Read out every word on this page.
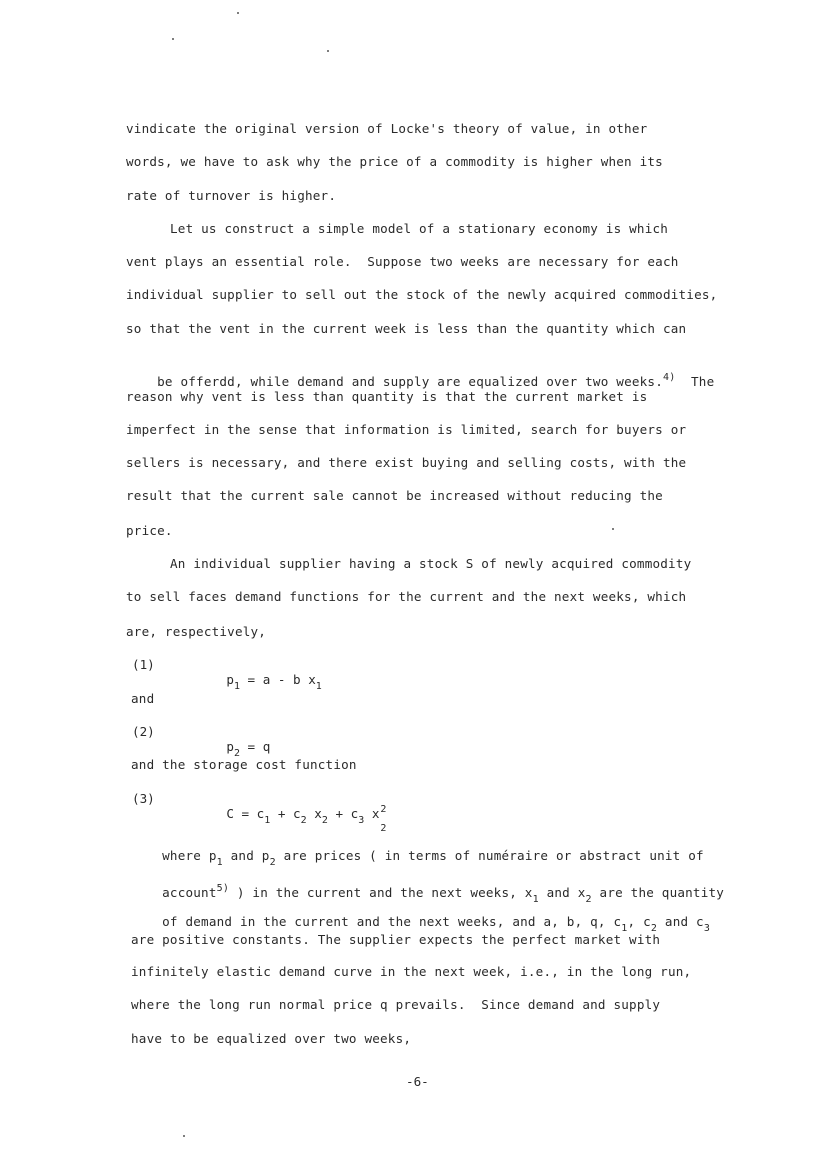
vindicate the original version of Locke's theory of value, in other
words, we have to ask why the price of a commodity is higher when its
rate of turnover is higher.
Let us construct a simple model of a stationary economy is which
vent plays an essential role.  Suppose two weeks are necessary for each
individual supplier to sell out the stock of the newly acquired commodities,
so that the vent in the current week is less than the quantity which can

be offerdd, while demand and supply are equalized over two weeks.$^{4)}$ The

reason why vent is less than quantity is that the current market is
imperfect in the sense that information is limited, search for buyers or
sellers is necessary, and there exist buying and selling costs, with the
result that the current sale cannot be increased without reducing the
price.
An individual supplier having a stock S of newly acquired commodity
to sell faces demand functions for the current and the next weeks, which
are, respectively,
(1)

$p_1 = a - b$ $x_1$

and
(2)

$p_2 = q$

and the storage cost function
(3)

$C = c_1 + c_2$ $x_2 + c_3$ x 2
2

where $p_1$ and $p_2$ are prices ( in terms of numéraire or abstract unit of

account$^{5)}$ ) in the current and the next weeks, $x_1$ and $x_2$ are the quantity

of demand in the current and the next weeks, and a, b, q, $c_1$, $c_2$ and $c_3$

are positive constants. The supplier expects the perfect market with
infinitely elastic demand curve in the next week, i.e., in the long run,
where the long run normal price q prevails.  Since demand and supply
have to be equalized over two weeks,
-6-
